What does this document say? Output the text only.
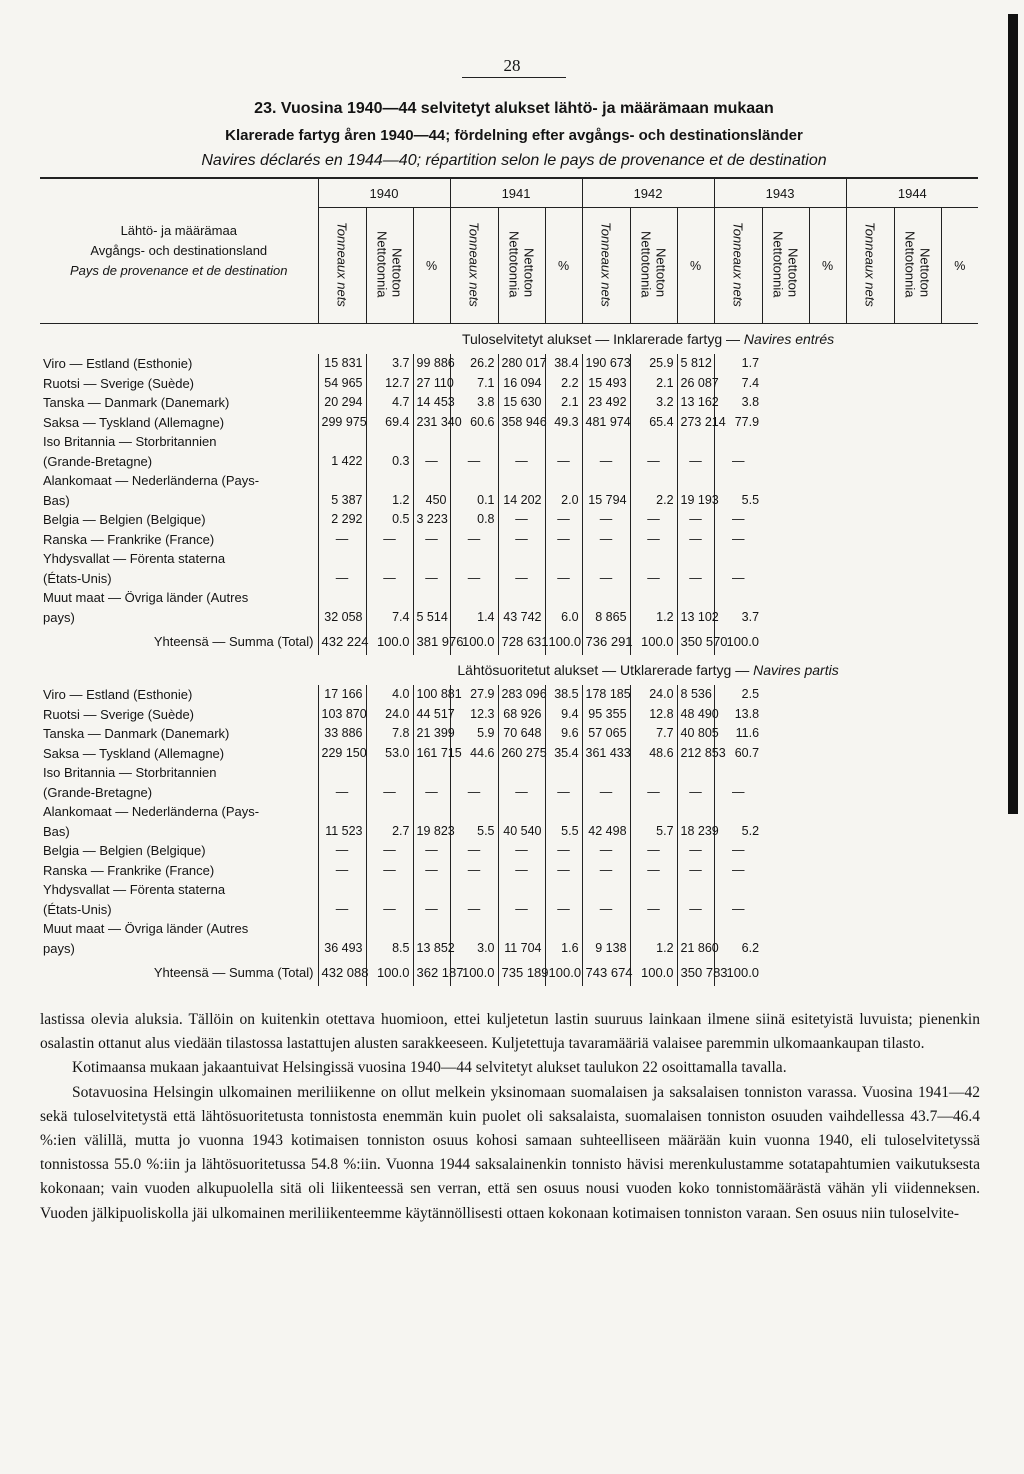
28
23. Vuosina 1940—44 selvitetyt alukset lähtö- ja määrämaan mukaan
Klarerade fartyg åren 1940—44; fördelning efter avgångs- och destinationsländer
Navires déclarés en 1944—40; répartition selon le pays de provenance et de destination
Lähtö- ja määrämaa
Avgångs- och destinationsland
Pays de provenance et de destination	1940			1941			1942			1943			1944		
	Tonneaux nets	NettotonniaNettoton	%	Tonneaux nets	NettotonniaNettoton	%	Tonneaux nets	NettotonniaNettoton	%	Tonneaux nets	NettotonniaNettoton	%	Tonneaux nets	NettotonniaNettoton	%
	Tuloselvitetyt alukset — Inklarerade fartyg — Navires entrés														
Viro — Estland (Esthonie)	15 831	3.7	99 886	26.2	280 017	38.4	190 673	25.9	5 812	1.7					
Ruotsi — Sverige (Suède)	54 965	12.7	27 110	7.1	16 094	2.2	15 493	2.1	26 087	7.4					
Tanska — Danmark (Danemark)	20 294	4.7	14 453	3.8	15 630	2.1	23 492	3.2	13 162	3.8					
Saksa — Tyskland (Allemagne)	299 975	69.4	231 340	60.6	358 946	49.3	481 974	65.4	273 214	77.9					
Iso Britannia — Storbritannien															
(Grande-Bretagne)	1 422	0.3	—	—	—	—	—	—	—	—					
Alankomaat — Nederländerna (Pays-															
Bas)	5 387	1.2	450	0.1	14 202	2.0	15 794	2.2	19 193	5.5					
Belgia — Belgien (Belgique)	2 292	0.5	3 223	0.8	—	—	—	—	—	—					
Ranska — Frankrike (France)	—	—	—	—	—	—	—	—	—	—					
Yhdysvallat — Förenta staterna															
(États-Unis)	—	—	—	—	—	—	—	—	—	—					
Muut maat — Övriga länder (Autres															
pays)	32 058	7.4	5 514	1.4	43 742	6.0	8 865	1.2	13 102	3.7					
Yhteensä — Summa (Total)	432 224	100.0	381 976	100.0	728 631	100.0	736 291	100.0	350 570	100.0					
	Lähtösuoritetut alukset — Utklarerade fartyg — Navires partis														
Viro — Estland (Esthonie)	17 166	4.0	100 881	27.9	283 096	38.5	178 185	24.0	8 536	2.5					
Ruotsi — Sverige (Suède)	103 870	24.0	44 517	12.3	68 926	9.4	95 355	12.8	48 490	13.8					
Tanska — Danmark (Danemark)	33 886	7.8	21 399	5.9	70 648	9.6	57 065	7.7	40 805	11.6					
Saksa — Tyskland (Allemagne)	229 150	53.0	161 715	44.6	260 275	35.4	361 433	48.6	212 853	60.7					
Iso Britannia — Storbritannien															
(Grande-Bretagne)	—	—	—	—	—	—	—	—	—	—					
Alankomaat — Nederländerna (Pays-															
Bas)	11 523	2.7	19 823	5.5	40 540	5.5	42 498	5.7	18 239	5.2					
Belgia — Belgien (Belgique)	—	—	—	—	—	—	—	—	—	—					
Ranska — Frankrike (France)	—	—	—	—	—	—	—	—	—	—					
Yhdysvallat — Förenta staterna															
(États-Unis)	—	—	—	—	—	—	—	—	—	—					
Muut maat — Övriga länder (Autres															
pays)	36 493	8.5	13 852	3.0	11 704	1.6	9 138	1.2	21 860	6.2					
Yhteensä — Summa (Total)	432 088	100.0	362 187	100.0	735 189	100.0	743 674	100.0	350 783	100.0					

lastissa olevia aluksia. Tällöin on kuitenkin otettava huomioon, ettei kuljetetun lastin suuruus lainkaan ilmene siinä esitetyistä luvuista; pienenkin osalastin ottanut alus viedään tilastossa lastattujen alusten sarakkeeseen. Kuljetettuja tavaramääriä valaisee paremmin ulkomaankaupan tilasto.

Kotimaansa mukaan jakaantuivat Helsingissä vuosina 1940—44 selvitetyt alukset taulukon 22 osoittamalla tavalla.

Sotavuosina Helsingin ulkomainen meriliikenne on ollut melkein yksinomaan suomalaisen ja saksalaisen tonniston varassa. Vuosina 1941—42 sekä tuloselvitetystä että lähtösuoritetusta tonnistosta enemmän kuin puolet oli saksalaista, suomalaisen tonniston osuuden vaihdellessa 43.7—46.4 %:ien välillä, mutta jo vuonna 1943 kotimaisen tonniston osuus kohosi samaan suhteelliseen määrään kuin vuonna 1940, eli tuloselvitetyssä tonnistossa 55.0 %:iin ja lähtösuoritetussa 54.8 %:iin. Vuonna 1944 saksalainenkin tonnisto hävisi merenkulustamme sotatapahtumien vaikutuksesta kokonaan; vain vuoden alkupuolella sitä oli liikenteessä sen verran, että sen osuus nousi vuoden koko tonnistomäärästä vähän yli viidenneksen. Vuoden jälkipuoliskolla jäi ulkomainen meriliikenteemme käytännöllisesti ottaen kokonaan kotimaisen tonniston varaan. Sen osuus niin tuloselvite-
